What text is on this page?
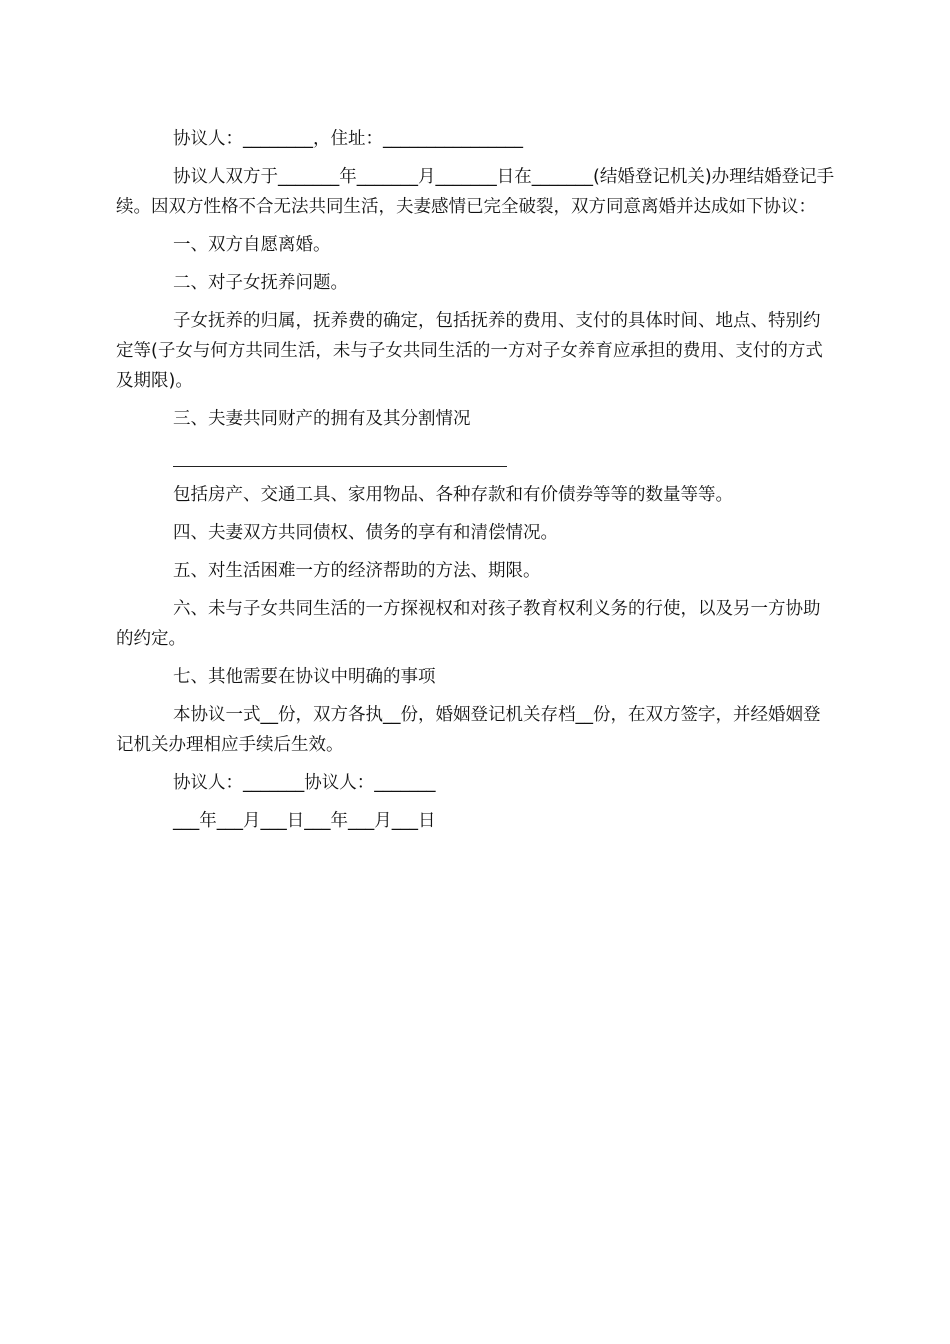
协议人：________，住址：________________

协议人双方于_______年_______月_______日在_______(结婚登记机关)办理结婚登记手续。因双方性格不合无法共同生活，夫妻感情已完全破裂，双方同意离婚并达成如下协议：

一、双方自愿离婚。

二、对子女抚养问题。

子女抚养的归属，抚养费的确定，包括抚养的费用、支付的具体时间、地点、特别约定等(子女与何方共同生活，未与子女共同生活的一方对子女养育应承担的费用、支付的方式及期限)。

三、夫妻共同财产的拥有及其分割情况

包括房产、交通工具、家用物品、各种存款和有价债券等等的数量等等。

四、夫妻双方共同债权、债务的享有和清偿情况。

五、对生活困难一方的经济帮助的方法、期限。

六、未与子女共同生活的一方探视权和对孩子教育权利义务的行使，以及另一方协助的约定。

七、其他需要在协议中明确的事项

本协议一式__份，双方各执__份，婚姻登记机关存档__份，在双方签字，并经婚姻登记机关办理相应手续后生效。

协议人：_______协议人：_______

___年___月___日___年___月___日
